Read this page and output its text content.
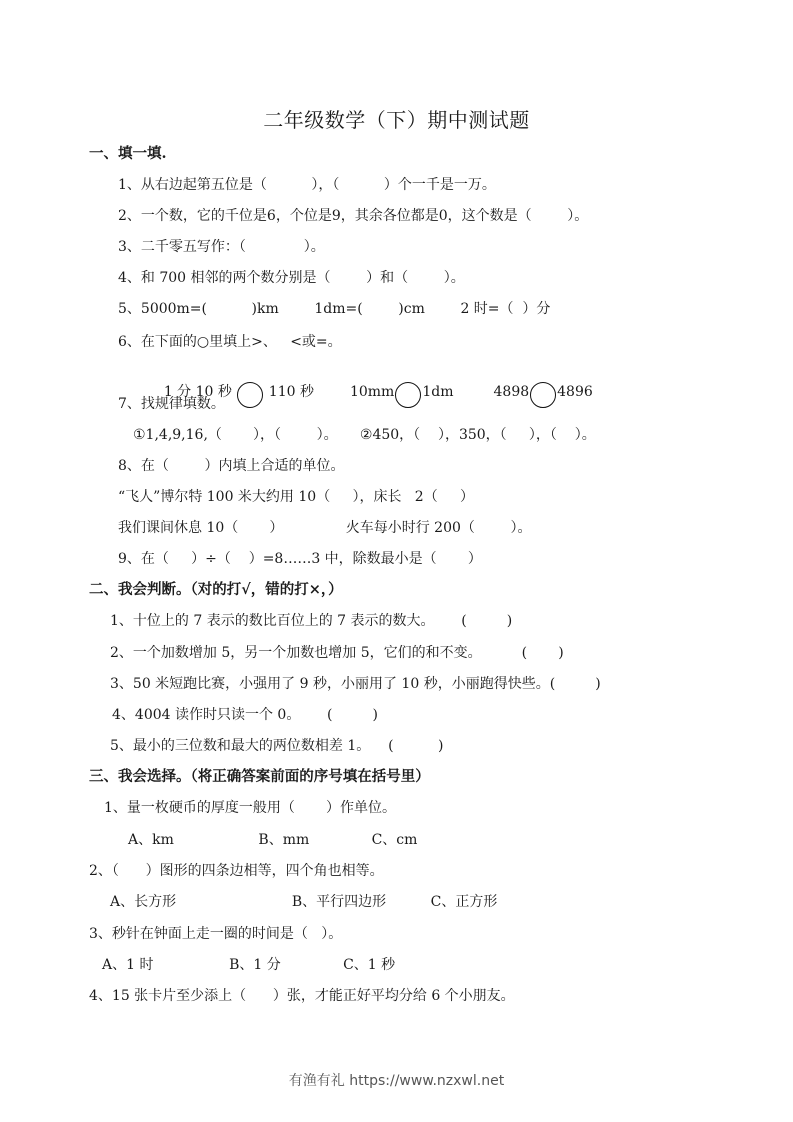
二年级数学（下）期中测试题
一、填一填.
1、从右边起第五位是（          ），（          ）个一千是一万。
2、一个数，它的千位是6，个位是9，其余各位都是0，这个数是（        ）。
3、二千零五写作：（             ）。
4、和 700 相邻的两个数分别是（        ）和（        ）。
5、5000m=(          )km        1dm=(        )cm        2 时=（  ）分
6、在下面的○里填上>、   <或=。

1 分 10 秒  110 秒	10mm 1dm	4898 4896

7、找规律填数。
①1,4,9,16,（       ），（        ）。     ②450，（    ），350，（     ），（    ）。
8、在（        ）内填上合适的单位。
“飞人”博尔特 100 米大约用 10（     ），床长   2（     ）
我们课间休息 10（       ）              火车每小时行 200（        ）。
9、在（     ）÷（    ）=8……3 中，除数最小是（       ）
二、我会判断。（对的打√，错的打×，）
1、十位上的 7 表示的数比百位上的 7 表示的数大。      (         )
2、一个加数增加 5，另一个加数也增加 5，它们的和不变。         (       )
3、50 米短跑比赛，小强用了 9 秒，小丽用了 10 秒，小丽跑得快些。(         )
4、4004 读作时只读一个 0。      (         )
5、最小的三位数和最大的两位数相差 1。    (          )
三、我会选择。（将正确答案前面的序号填在括号里）
1、量一枚硬币的厚度一般用（       ）作单位。
A、km                   B、mm              C、cm
2、（      ）图形的四条边相等，四个角也相等。
A、长方形                          B、平行四边形          C、正方形
3、秒针在钟面上走一圈的时间是（   ）。
A、1 时                 B、1 分              C、1 秒
4、15 张卡片至少添上（      ）张，才能正好平均分给 6 个小朋友。
有渔有礼 https://www.nzxwl.net
